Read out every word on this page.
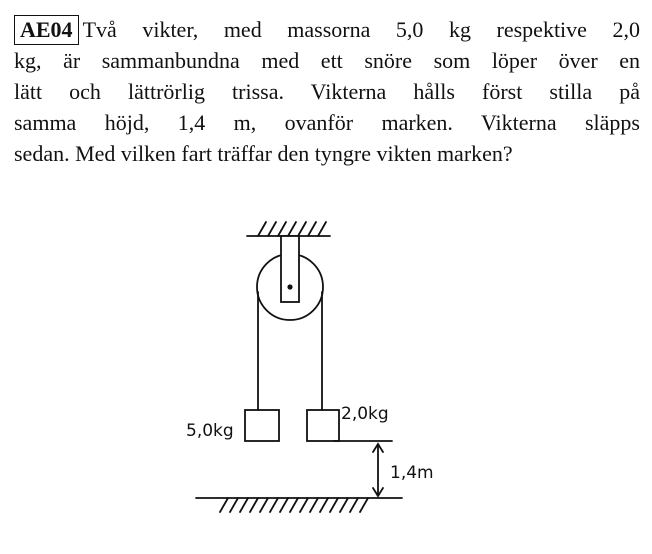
AE04 Två vikter, med massorna 5,0 kg respektive 2,0
kg, är sammanbundna med ett snöre som löper över en
lätt och lättrörlig trissa. Vikterna hålls först stilla på
samma höjd, 1,4 m, ovanför marken. Vikterna släpps
sedan. Med vilken fart träffar den tyngre vikten marken?
5,0kg
2,0kg
1,4m
